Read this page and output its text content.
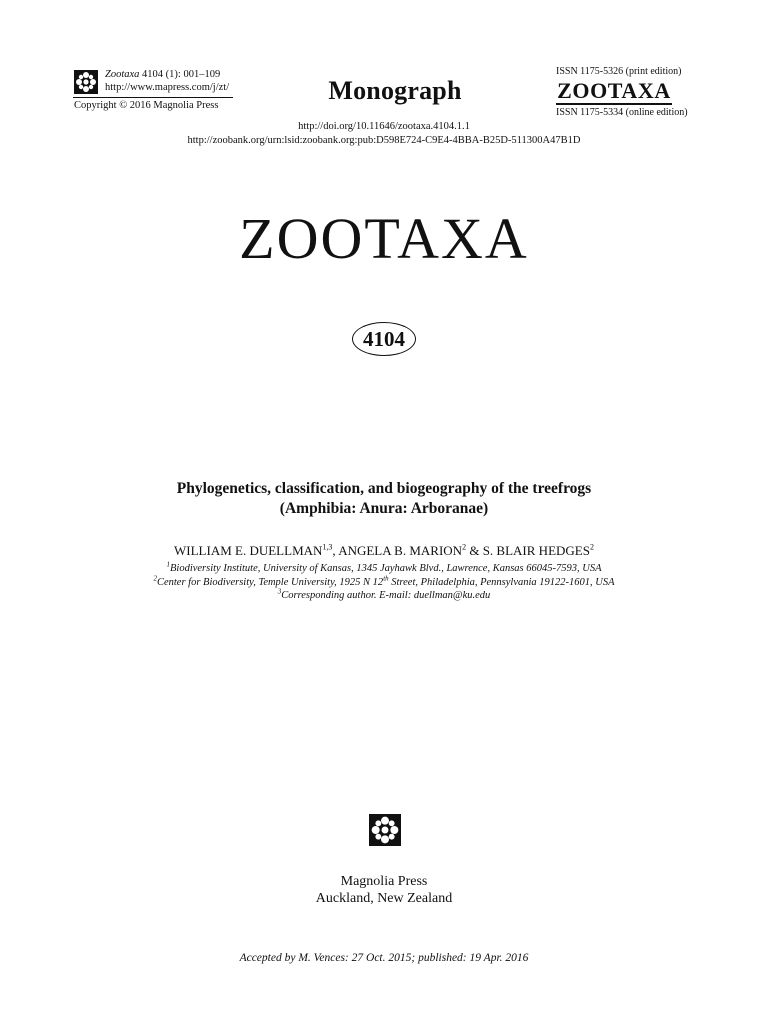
Zootaxa 4104 (1): 001–109
http://www.mapress.com/j/zt/
Copyright © 2016 Magnolia Press
Monograph
ISSN 1175-5326 (print edition)
ZOOTAXA
ISSN 1175-5334 (online edition)
http://doi.org/10.11646/zootaxa.4104.1.1
http://zoobank.org/urn:lsid:zoobank.org:pub:D598E724-C9E4-4BBA-B25D-511300A47B1D
ZOOTAXA
4104
Phylogenetics, classification, and biogeography of the treefrogs
(Amphibia: Anura: Arboranae)
WILLIAM E. DUELLMAN$^{1,3}$, ANGELA B. MARION$^2$ & S. BLAIR HEDGES$^2$
$^1$Biodiversity Institute, University of Kansas, 1345 Jayhawk Blvd., Lawrence, Kansas 66045-7593, USA
$^2$Center for Biodiversity, Temple University, 1925 N 12th Street, Philadelphia, Pennsylvania 19122-1601, USA
$^3$Corresponding author. E-mail: duellman@ku.edu
Magnolia Press
Auckland, New Zealand
Accepted by M. Vences: 27 Oct. 2015; published: 19 Apr. 2016
